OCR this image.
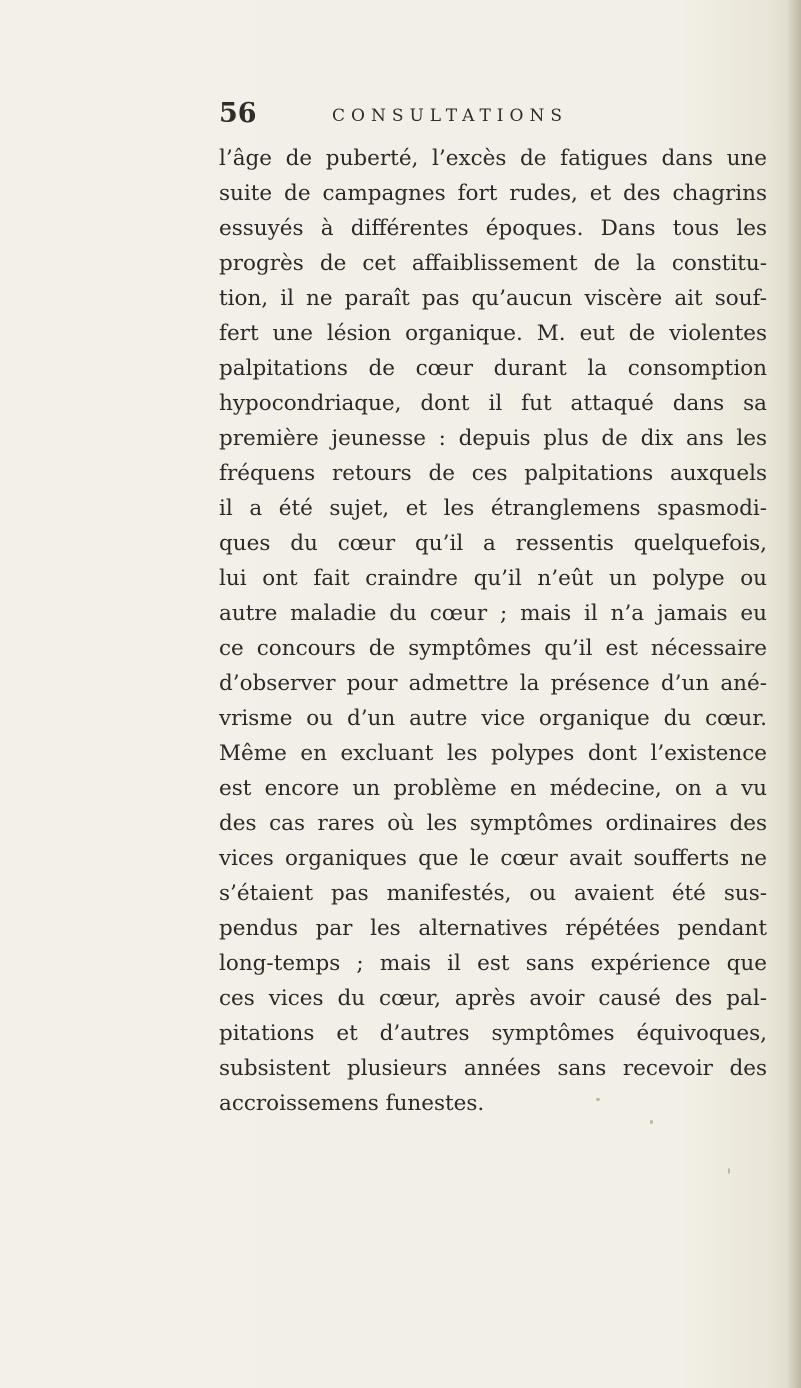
56	CONSULTATIONS
l’âge de puberté, l’excès de fatigues dans une
suite de campagnes fort rudes, et des chagrins
essuyés à différentes époques. Dans tous les
progrès de cet affaiblissement de la constitu-
tion, il ne paraît pas qu’aucun viscère ait souf-
fert une lésion organique. M. eut de violentes
palpitations de cœur durant la consomption
hypocondriaque, dont il fut attaqué dans sa
première jeunesse : depuis plus de dix ans les
fréquens retours de ces palpitations auxquels
il a été sujet, et les étranglemens spasmodi-
ques du cœur qu’il a ressentis quelquefois,
lui ont fait craindre qu’il n’eût un polype ou
autre maladie du cœur ; mais il n’a jamais eu
ce concours de symptômes qu’il est nécessaire
d’observer pour admettre la présence d’un ané-
vrisme ou d’un autre vice organique du cœur.
Même en excluant les polypes dont l’existence
est encore un problème en médecine, on a vu
des cas rares où les symptômes ordinaires des
vices organiques que le cœur avait soufferts ne
s’étaient pas manifestés, ou avaient été sus-
pendus par les alternatives répétées pendant
long-temps ; mais il est sans expérience que
ces vices du cœur, après avoir causé des pal-
pitations et d’autres symptômes équivoques,
subsistent plusieurs années sans recevoir des
accroissemens funestes.
